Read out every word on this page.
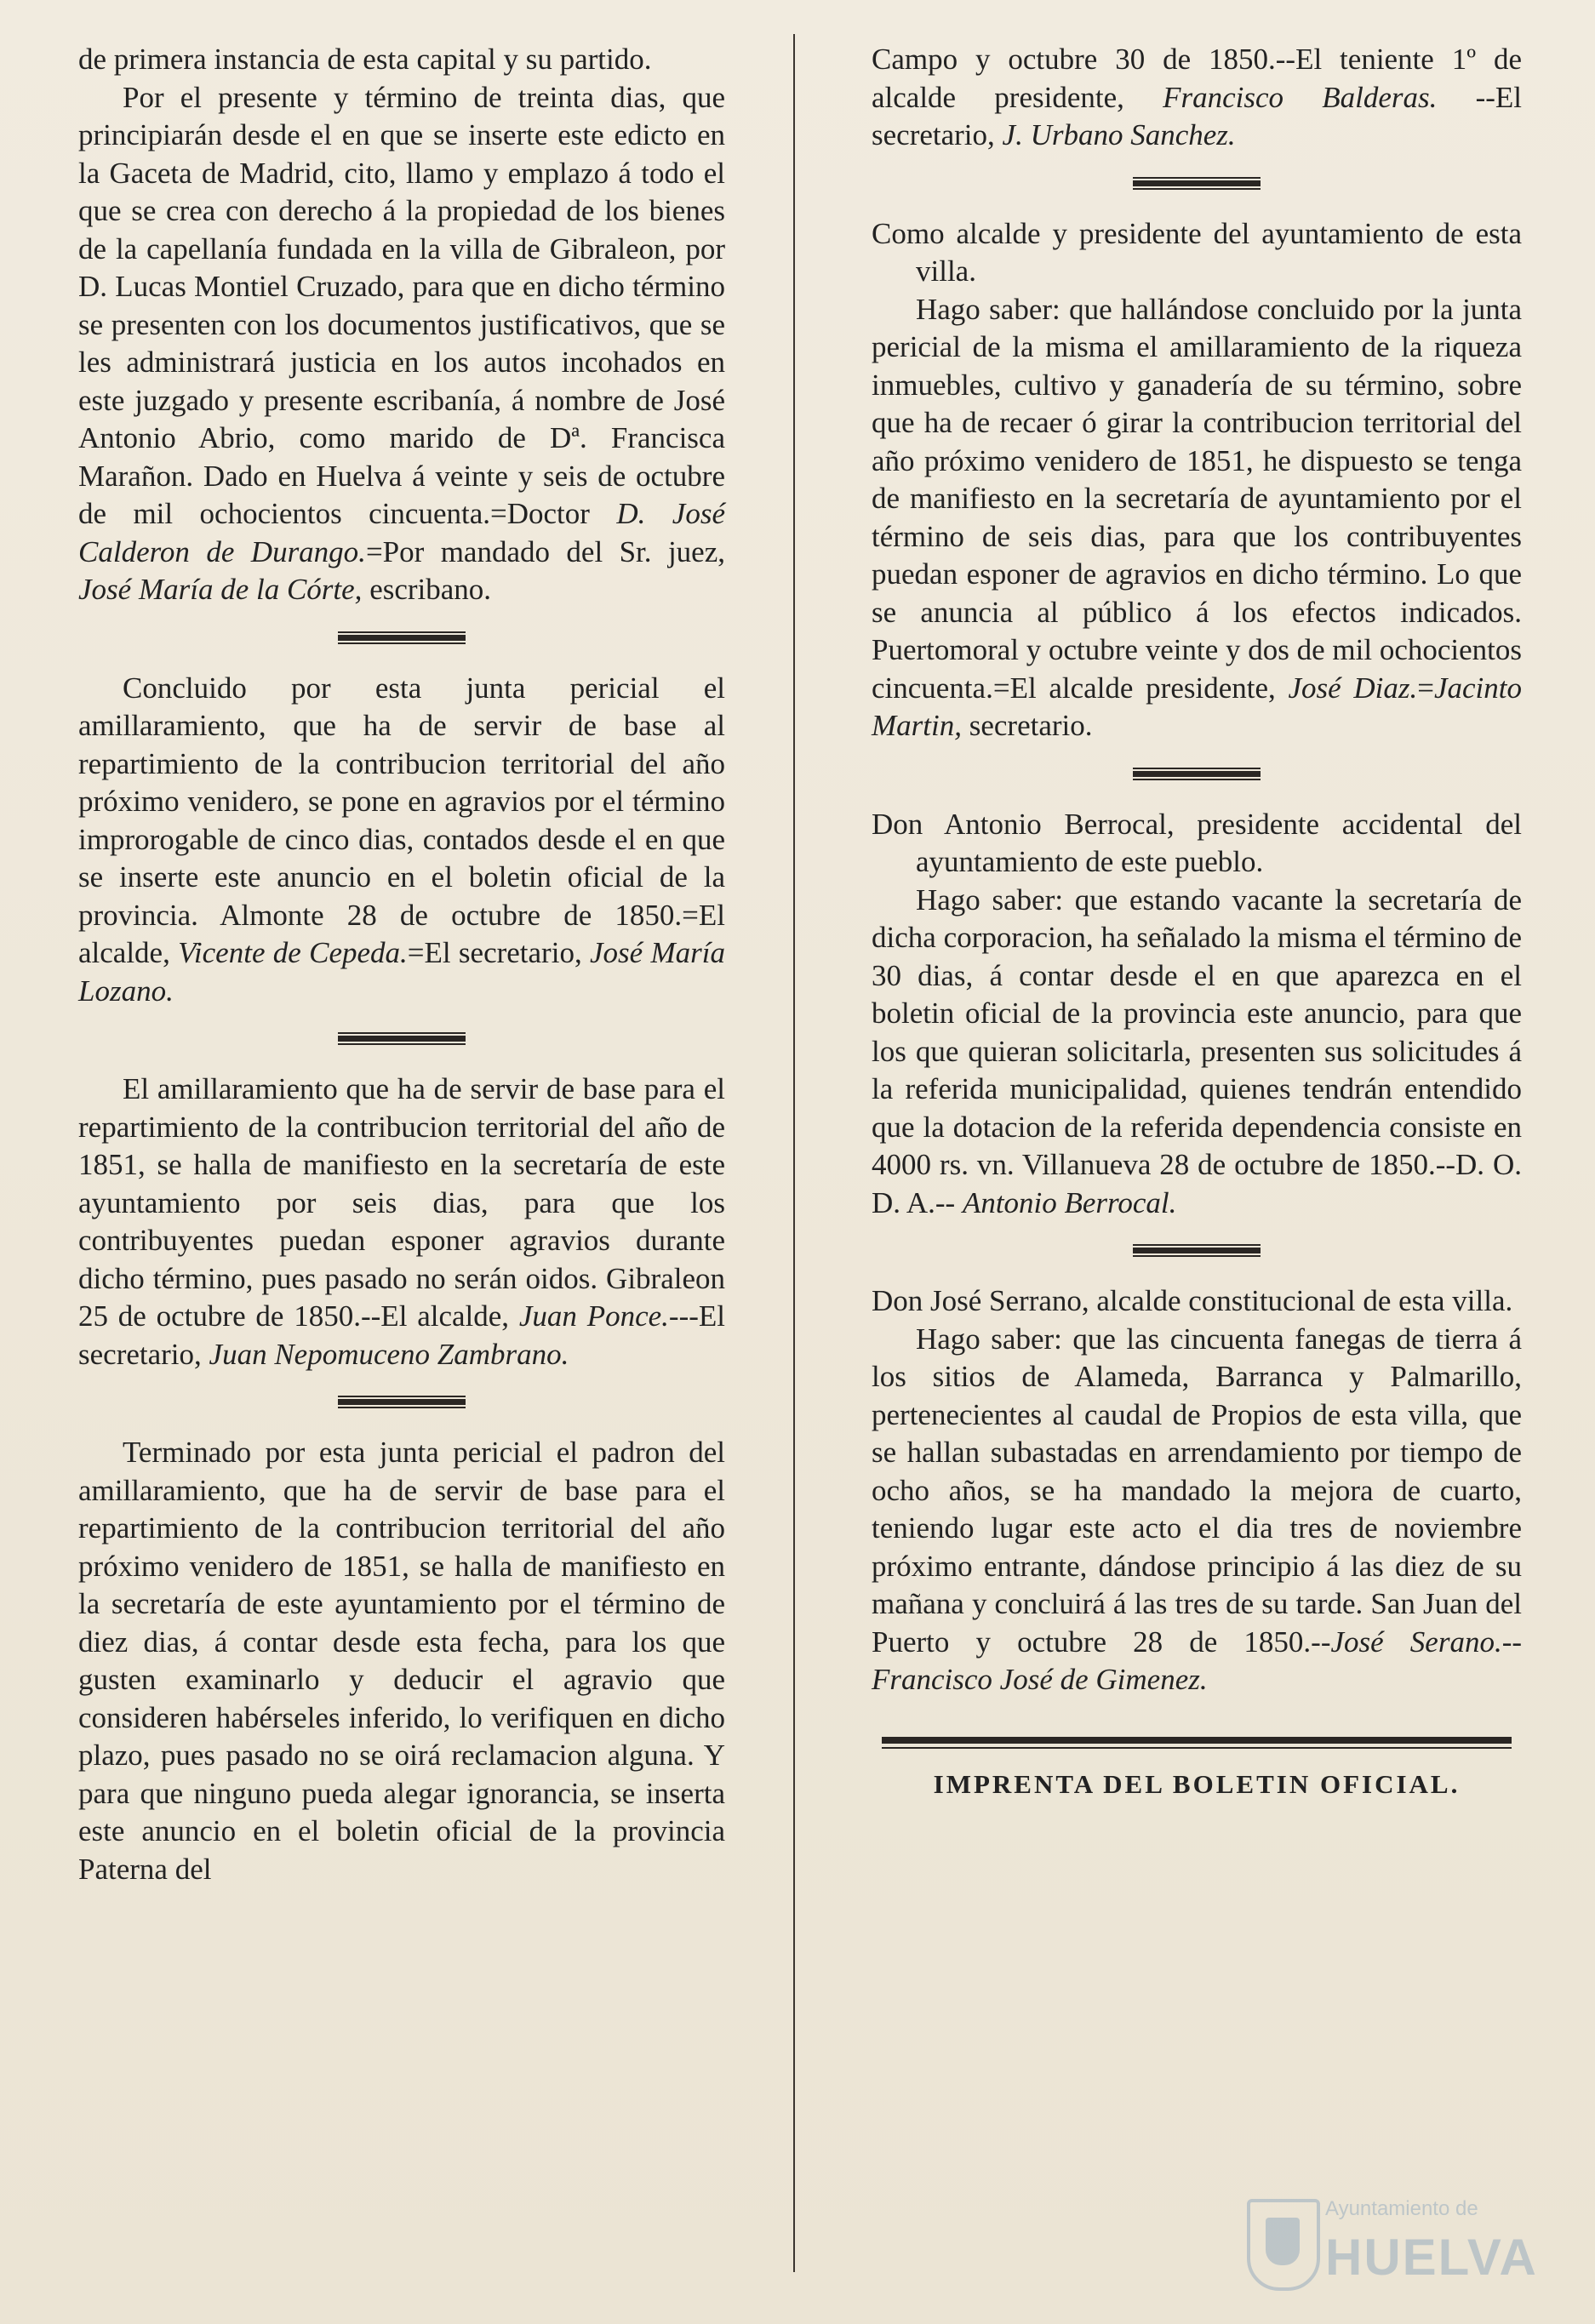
de primera instancia de esta capital y su partido.

Por el presente y término de treinta dias, que principiarán desde el en que se inserte este edicto en la Gaceta de Madrid, cito, llamo y emplazo á todo el que se crea con derecho á la propiedad de los bienes de la capellanía fundada en la villa de Gibraleon, por D. Lucas Montiel Cruzado, para que en dicho término se presenten con los documentos justificativos, que se les administrará justicia en los autos incohados en este juzgado y presente escribanía, á nombre de José Antonio Abrio, como marido de Dª. Francisca Marañon. Dado en Huelva á veinte y seis de octubre de mil ochocientos cincuenta.=Doctor D. José Calderon de Durango.=Por mandado del Sr. juez, José María de la Córte, escribano.

Concluido por esta junta pericial el amillaramiento, que ha de servir de base al repartimiento de la contribucion territorial del año próximo venidero, se pone en agravios por el término improrogable de cinco dias, contados desde el en que se inserte este anuncio en el boletin oficial de la provincia. Almonte 28 de octubre de 1850.=El alcalde, Vicente de Cepeda.=El secretario, José María Lozano.

El amillaramiento que ha de servir de base para el repartimiento de la contribucion territorial del año de 1851, se halla de manifiesto en la secretaría de este ayuntamiento por seis dias, para que los contribuyentes puedan esponer agravios durante dicho término, pues pasado no serán oidos. Gibraleon 25 de octubre de 1850.--El alcalde, Juan Ponce.---El secretario, Juan Nepomuceno Zambrano.

Terminado por esta junta pericial el padron del amillaramiento, que ha de servir de base para el repartimiento de la contribucion territorial del año próximo venidero de 1851, se halla de manifiesto en la secretaría de este ayuntamiento por el término de diez dias, á contar desde esta fecha, para los que gusten examinarlo y deducir el agravio que consideren habérseles inferido, lo verifiquen en dicho plazo, pues pasado no se oirá reclamacion alguna. Y para que ninguno pueda alegar ignorancia, se inserta este anuncio en el boletin oficial de la provincia Paterna del

Campo y octubre 30 de 1850.--El teniente 1º de alcalde presidente, Francisco Balderas. --El secretario, J. Urbano Sanchez.

Como alcalde y presidente del ayuntamiento de esta villa.

Hago saber: que hallándose concluido por la junta pericial de la misma el amillaramiento de la riqueza inmuebles, cultivo y ganadería de su término, sobre que ha de recaer ó girar la contribucion territorial del año próximo venidero de 1851, he dispuesto se tenga de manifiesto en la secretaría de ayuntamiento por el término de seis dias, para que los contribuyentes puedan esponer de agravios en dicho término. Lo que se anuncia al público á los efectos indicados. Puertomoral y octubre veinte y dos de mil ochocientos cincuenta.=El alcalde presidente, José Diaz.=Jacinto Martin, secretario.

Don Antonio Berrocal, presidente accidental del ayuntamiento de este pueblo.

Hago saber: que estando vacante la secretaría de dicha corporacion, ha señalado la misma el término de 30 dias, á contar desde el en que aparezca en el boletin oficial de la provincia este anuncio, para que los que quieran solicitarla, presenten sus solicitudes á la referida municipalidad, quienes tendrán entendido que la dotacion de la referida dependencia consiste en 4000 rs. vn. Villanueva 28 de octubre de 1850.--D. O. D. A.-- Antonio Berrocal.

Don José Serrano, alcalde constitucional de esta villa.

Hago saber: que las cincuenta fanegas de tierra á los sitios de Alameda, Barranca y Palmarillo, pertenecientes al caudal de Propios de esta villa, que se hallan subastadas en arrendamiento por tiempo de ocho años, se ha mandado la mejora de cuarto, teniendo lugar este acto el dia tres de noviembre próximo entrante, dándose principio á las diez de su mañana y concluirá á las tres de su tarde. San Juan del Puerto y octubre 28 de 1850.--José Serano.--Francisco José de Gimenez.

IMPRENTA DEL BOLETIN OFICIAL.
Ayuntamiento de
HUELVA
